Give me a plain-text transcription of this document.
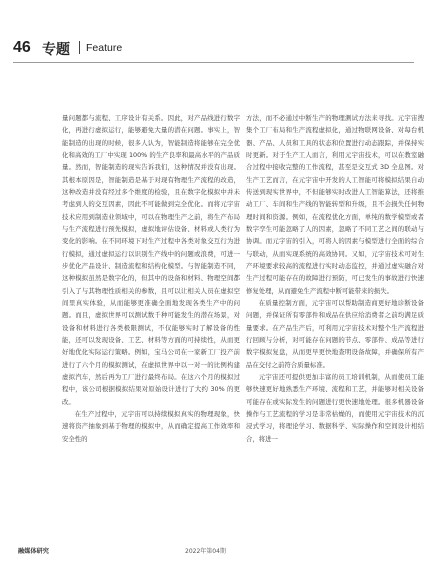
46 专题 Feature

量问题都与流程、工序设计有关系。因此，对产品线进行数字化，再进行虚拟运行，能够避免大量的潜在问题。事实上，智能制造的出现的时候，很多人认为，智能制造将能够在完全优化和高效的工厂中实现 100% 的生产良率和最高水平的产品质量。然而，智能制造的现实告诉我们，这种情况并没有出现。其根本原因是，智能制造是基于对现有物理生产流程的改造，这种改造并没有经过多个维度的检验，且在数字化模拟中并未考虑到人的交互因素，因此不可能做到完全优化。而将元宇宙技术应用到制造业领域中，可以在物理生产之前，将生产布局与生产流程进行预先模拟，虚拟地评估设备、材料或人类行为变化的影响。在不同环境下对生产过程中各类对象交互行为进行模拟，通过虚拟运行以识别生产线中的问题或浪费，可进一步优化产品设计、制造流程和结构化模型。与智能制造不同，这种模拟虽然是数字化的，但其中的设备和材料、物理空间都引入了与其物理性质相关的参数，且可以让相关人员在虚拟空间里真实体验，从而能够更准确全面地发现各类生产中的问题。而且，虚拟世界可以测试数千种可能发生的潜在场景，对设备和材料进行各类极限测试，不仅能够实时了解设备的性能，还可以发现设备、工艺、材料等方面的可持续性，从而更好地优化实际运行策略。例如，宝马公司在一家新工厂投产前进行了六个月的模拟测试，在虚拟世界中以一对一的比例构建虚拟汽车，然后再为工厂进行最终布局。在这六个月的模拟过程中，该公司根据模拟结果对原始设计进行了大约 30% 的更改。

在生产过程中，元宇宙可以持续模拟真实的物理现象，快速将资产抽象到基于物理的模拟中，从而确定提高工作效率和安全性的

方法，而不必通过中断生产的物理测试方法来寻找。元宇宙搜集个工厂布局和生产流程虚拟化，通过物联网设备、对每台机器、产品、人员和工具的状态和位置进行动态跟踪，并保持实时更新。对于生产工人而言，利用元宇宙技术，可以在教室融合过程中接收完整的工作流程，甚至是交互式 3D 全息图。对生产工艺而言，在元宇宙中开发的人工智能可将模拟结果自动传送到现实世界中，不但能够实时改进人工智能算法，还将推动工厂、车间和生产线的智能转型和升级，且不会损失任何物理时间和资源。例如，在流程优化方面，单纯的数学模型或者数字孪生可能忽略了人的因素，忽略了不同工艺之间的联动与协调。而元宇宙的引入，可将人的因素与模型进行全面的综合与联动，从而实现系统的高效协同。又如，元宇宙技术可对生产环境要求较高的流程进行实时动态监控，并通过虚实融合对生产过程可能存在的故障进行预防，可已发生的事故进行快速修复处理，从而避免生产流程中断可能带来的损失。

在质量控制方面，元宇宙可以帮助制造商更好地诊断设备问题，并保证所有零部件和成品在供应给消费者之前均满足质量要求。在产品生产后，可利用元宇宙技术对整个生产流程进行回顾与分析，对可能存在问题的节点、零部件、成品等进行数字模拟复盘，从而更早更快地查明设备故障，并确保所有产品在交付之前符合质量标准。

元宇宙还可提供更加丰富的员工培训机制，从而使员工能够快速更好地熟悉生产环境、流程和工艺，并能够对相关设备可能存在或实际发生的问题进行更快速地处理。很多机器设备操作与工艺流程的学习是非常枯燥的，而使用元宇宙技术的沉浸式学习，将理论学习、数据科学、实际操作和空间设计相结合，将进一

融媒体研究	2022年第04期
